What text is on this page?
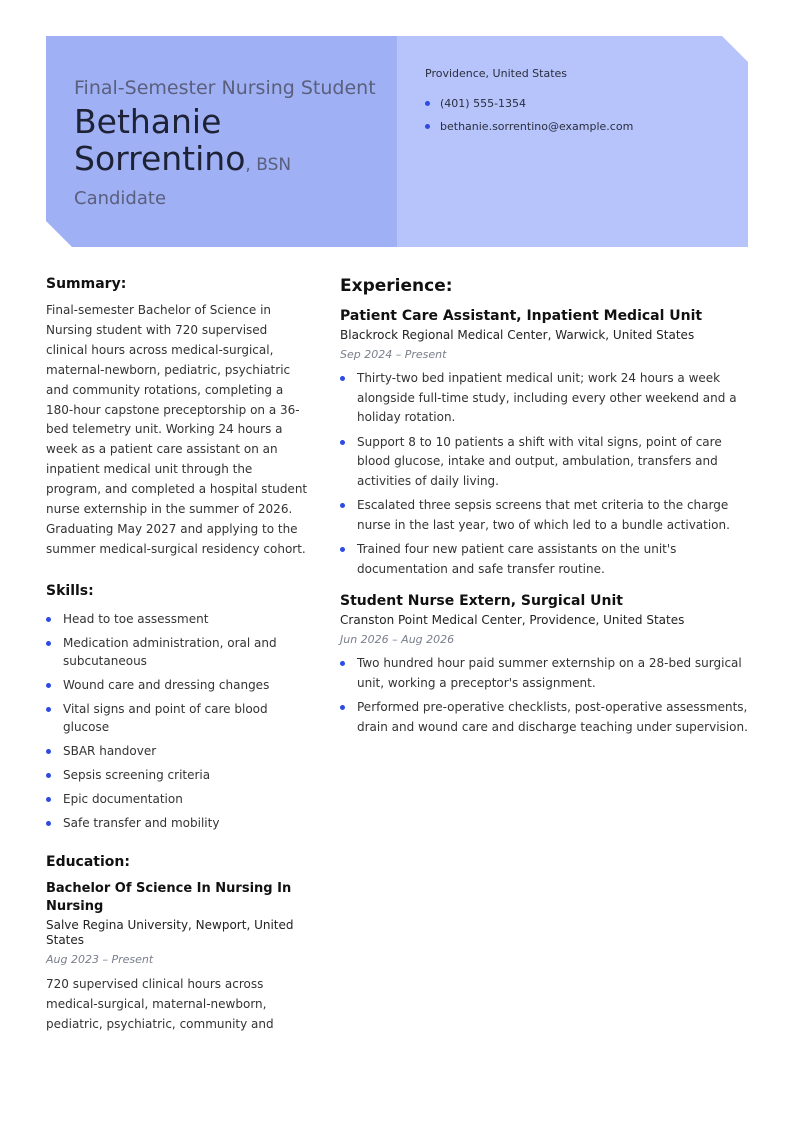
Final-Semester Nursing Student
Bethanie
Sorrentino, BSN
Candidate
Providence, United States
(401) 555-1354
bethanie.sorrentino@example.com
Summary:

Final-semester Bachelor of Science in Nursing student with 720 supervised clinical hours across medical-surgical, maternal-newborn, pediatric, psychiatric and community rotations, completing a 180-hour capstone preceptorship on a 36-bed telemetry unit. Working 24 hours a week as a patient care assistant on an inpatient medical unit through the program, and completed a hospital student nurse externship in the summer of 2026. Graduating May 2027 and applying to the summer medical-surgical residency cohort.

Skills:
Head to toe assessment
Medication administration, oral and subcutaneous
Wound care and dressing changes
Vital signs and point of care blood glucose
SBAR handover
Sepsis screening criteria
Epic documentation
Safe transfer and mobility
Education:
Bachelor Of Science In Nursing In Nursing
Salve Regina University, Newport, United States
Aug 2023 – Present

720 supervised clinical hours across medical-surgical, maternal-newborn, pediatric, psychiatric, community and

Experience:
Patient Care Assistant, Inpatient Medical Unit
Blackrock Regional Medical Center, Warwick, United States
Sep 2024 – Present
Thirty-two bed inpatient medical unit; work 24 hours a week alongside full-time study, including every other weekend and a holiday rotation.
Support 8 to 10 patients a shift with vital signs, point of care blood glucose, intake and output, ambulation, transfers and activities of daily living.
Escalated three sepsis screens that met criteria to the charge nurse in the last year, two of which led to a bundle activation.
Trained four new patient care assistants on the unit's documentation and safe transfer routine.
Student Nurse Extern, Surgical Unit
Cranston Point Medical Center, Providence, United States
Jun 2026 – Aug 2026
Two hundred hour paid summer externship on a 28-bed surgical unit, working a preceptor's assignment.
Performed pre-operative checklists, post-operative assessments, drain and wound care and discharge teaching under supervision.
